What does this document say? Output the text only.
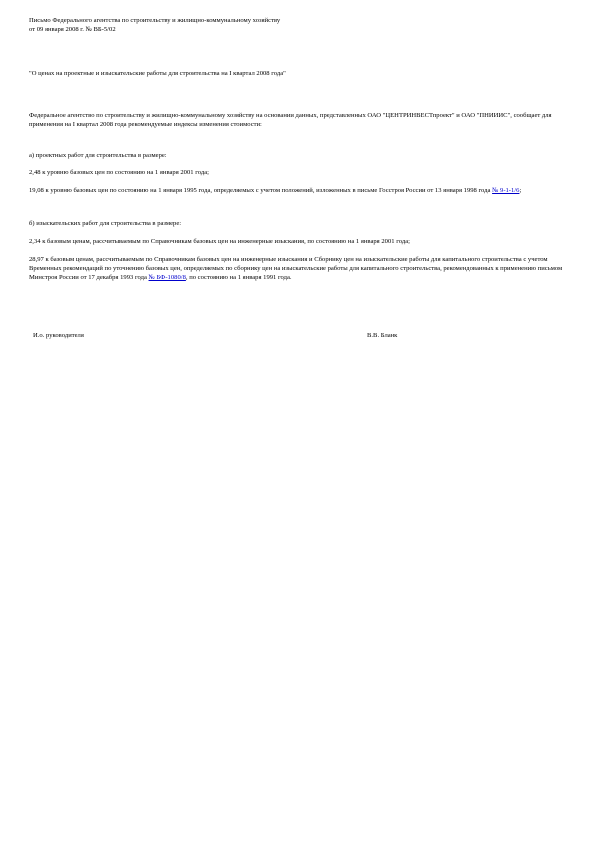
Письмо Федерального агентства по строительству и жилищно-коммунальному хозяйству
от 09 января 2008 г. № ВБ-5/02
"О ценах на проектные и изыскательские работы для строительства на I квартал 2008 года"

Федеральное агентство по строительству и жилищно-коммунальному хозяйству на основании данных, представленных ОАО "ЦЕНТРИНВЕСТпроект" и ОАО "ПНИИИС", сообщает для применения на I квартал 2008 года рекомендуемые индексы изменения стоимости:

а) проектных работ для строительства в размере:
2,48 к уровню базовых цен по состоянию на 1 января 2001 года;

19,08 к уровню базовых цен по состоянию на 1 января 1995 года, определяемых с учетом положений, изложенных в письме Госстроя России от 13 января 1998 года № 9-1-1/6;

б) изыскательских работ для строительства в размере:
2,34 к базовым ценам, рассчитываемым по Справочникам базовых цен на инженерные изыскания, по состоянию на 1 января 2001 года;

28,97 к базовым ценам, рассчитываемым по Справочникам базовых цен на инженерные изыскания и Сборнику цен на изыскательские работы для капитального строительства с учетом Временных рекомендаций по уточнению базовых цен, определяемых по сборнику цен на изыскательские работы для капитального строительства, рекомендованных к применению письмом Минстроя России от 17 декабря 1993 года № БФ-1080/8, по состоянию на 1 января 1991 года.

И.о. руководителя	В.В. Бланк
